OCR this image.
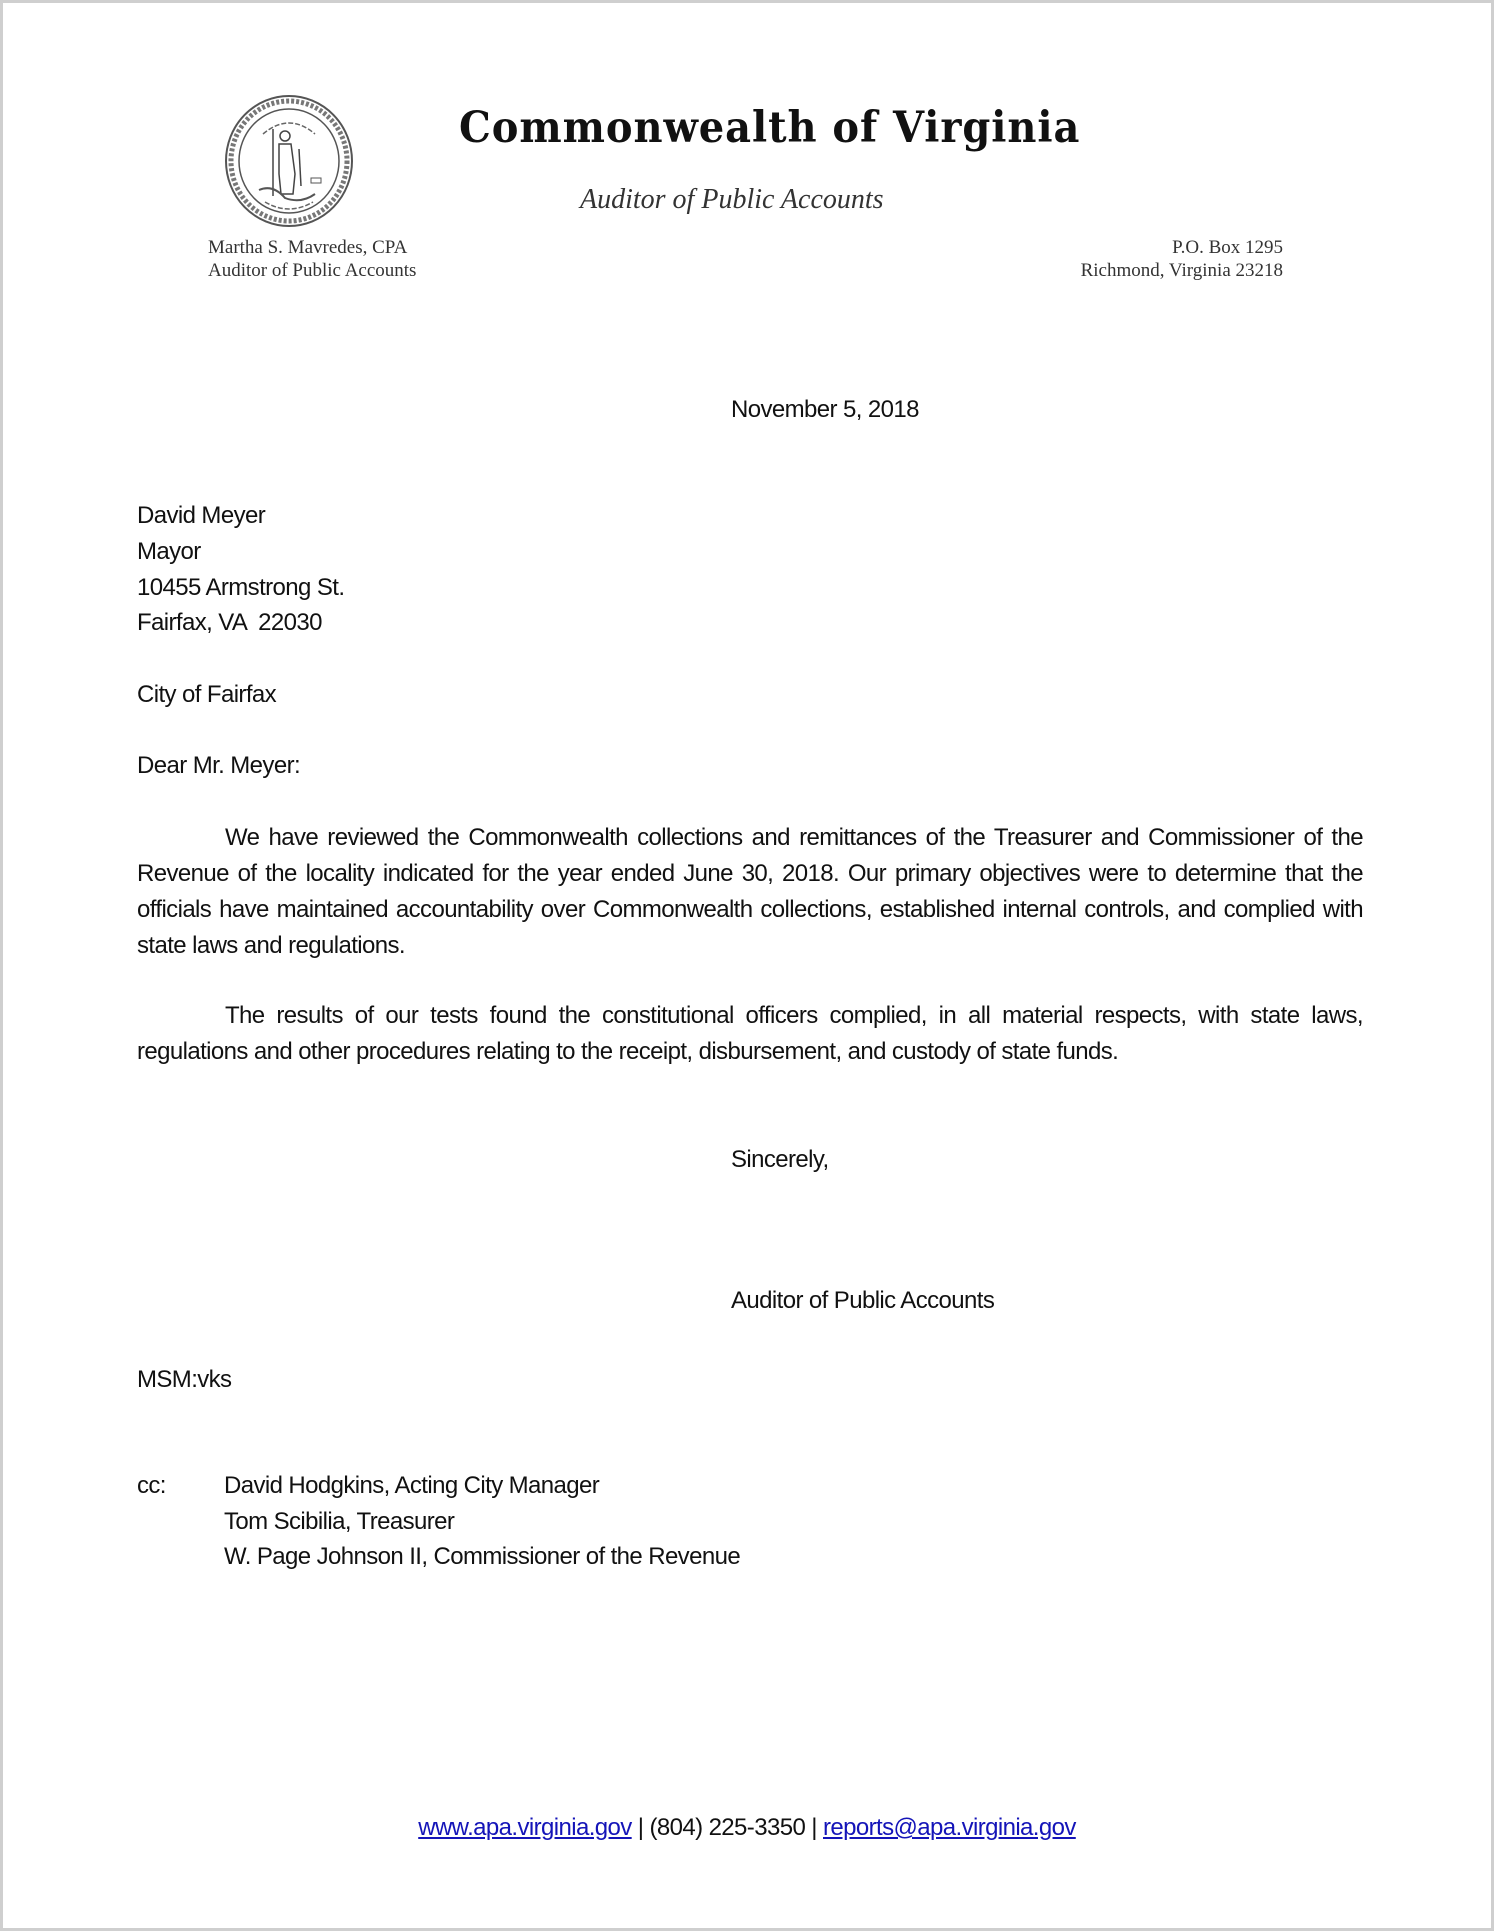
Commonwealth of Virginia
Auditor of Public Accounts
Martha S. Mavredes, CPA
Auditor of Public Accounts
P.O. Box 1295
Richmond, Virginia 23218
November 5, 2018
David Meyer
Mayor
10455 Armstrong St.
Fairfax, VA  22030
City of Fairfax
Dear Mr. Meyer:
We have reviewed the Commonwealth collections and remittances of the Treasurer and Commissioner of the Revenue of the locality indicated for the year ended June 30, 2018. Our primary objectives were to determine that the officials have maintained accountability over Commonwealth collections, established internal controls, and complied with state laws and regulations.
The results of our tests found the constitutional officers complied, in all material respects, with state laws, regulations and other procedures relating to the receipt, disbursement, and custody of state funds.
Sincerely,
Auditor of Public Accounts
MSM:vks
cc: David Hodgkins, Acting City Manager
Tom Scibilia, Treasurer
W. Page Johnson II, Commissioner of the Revenue
www.apa.virginia.gov | (804) 225-3350 | reports@apa.virginia.gov
